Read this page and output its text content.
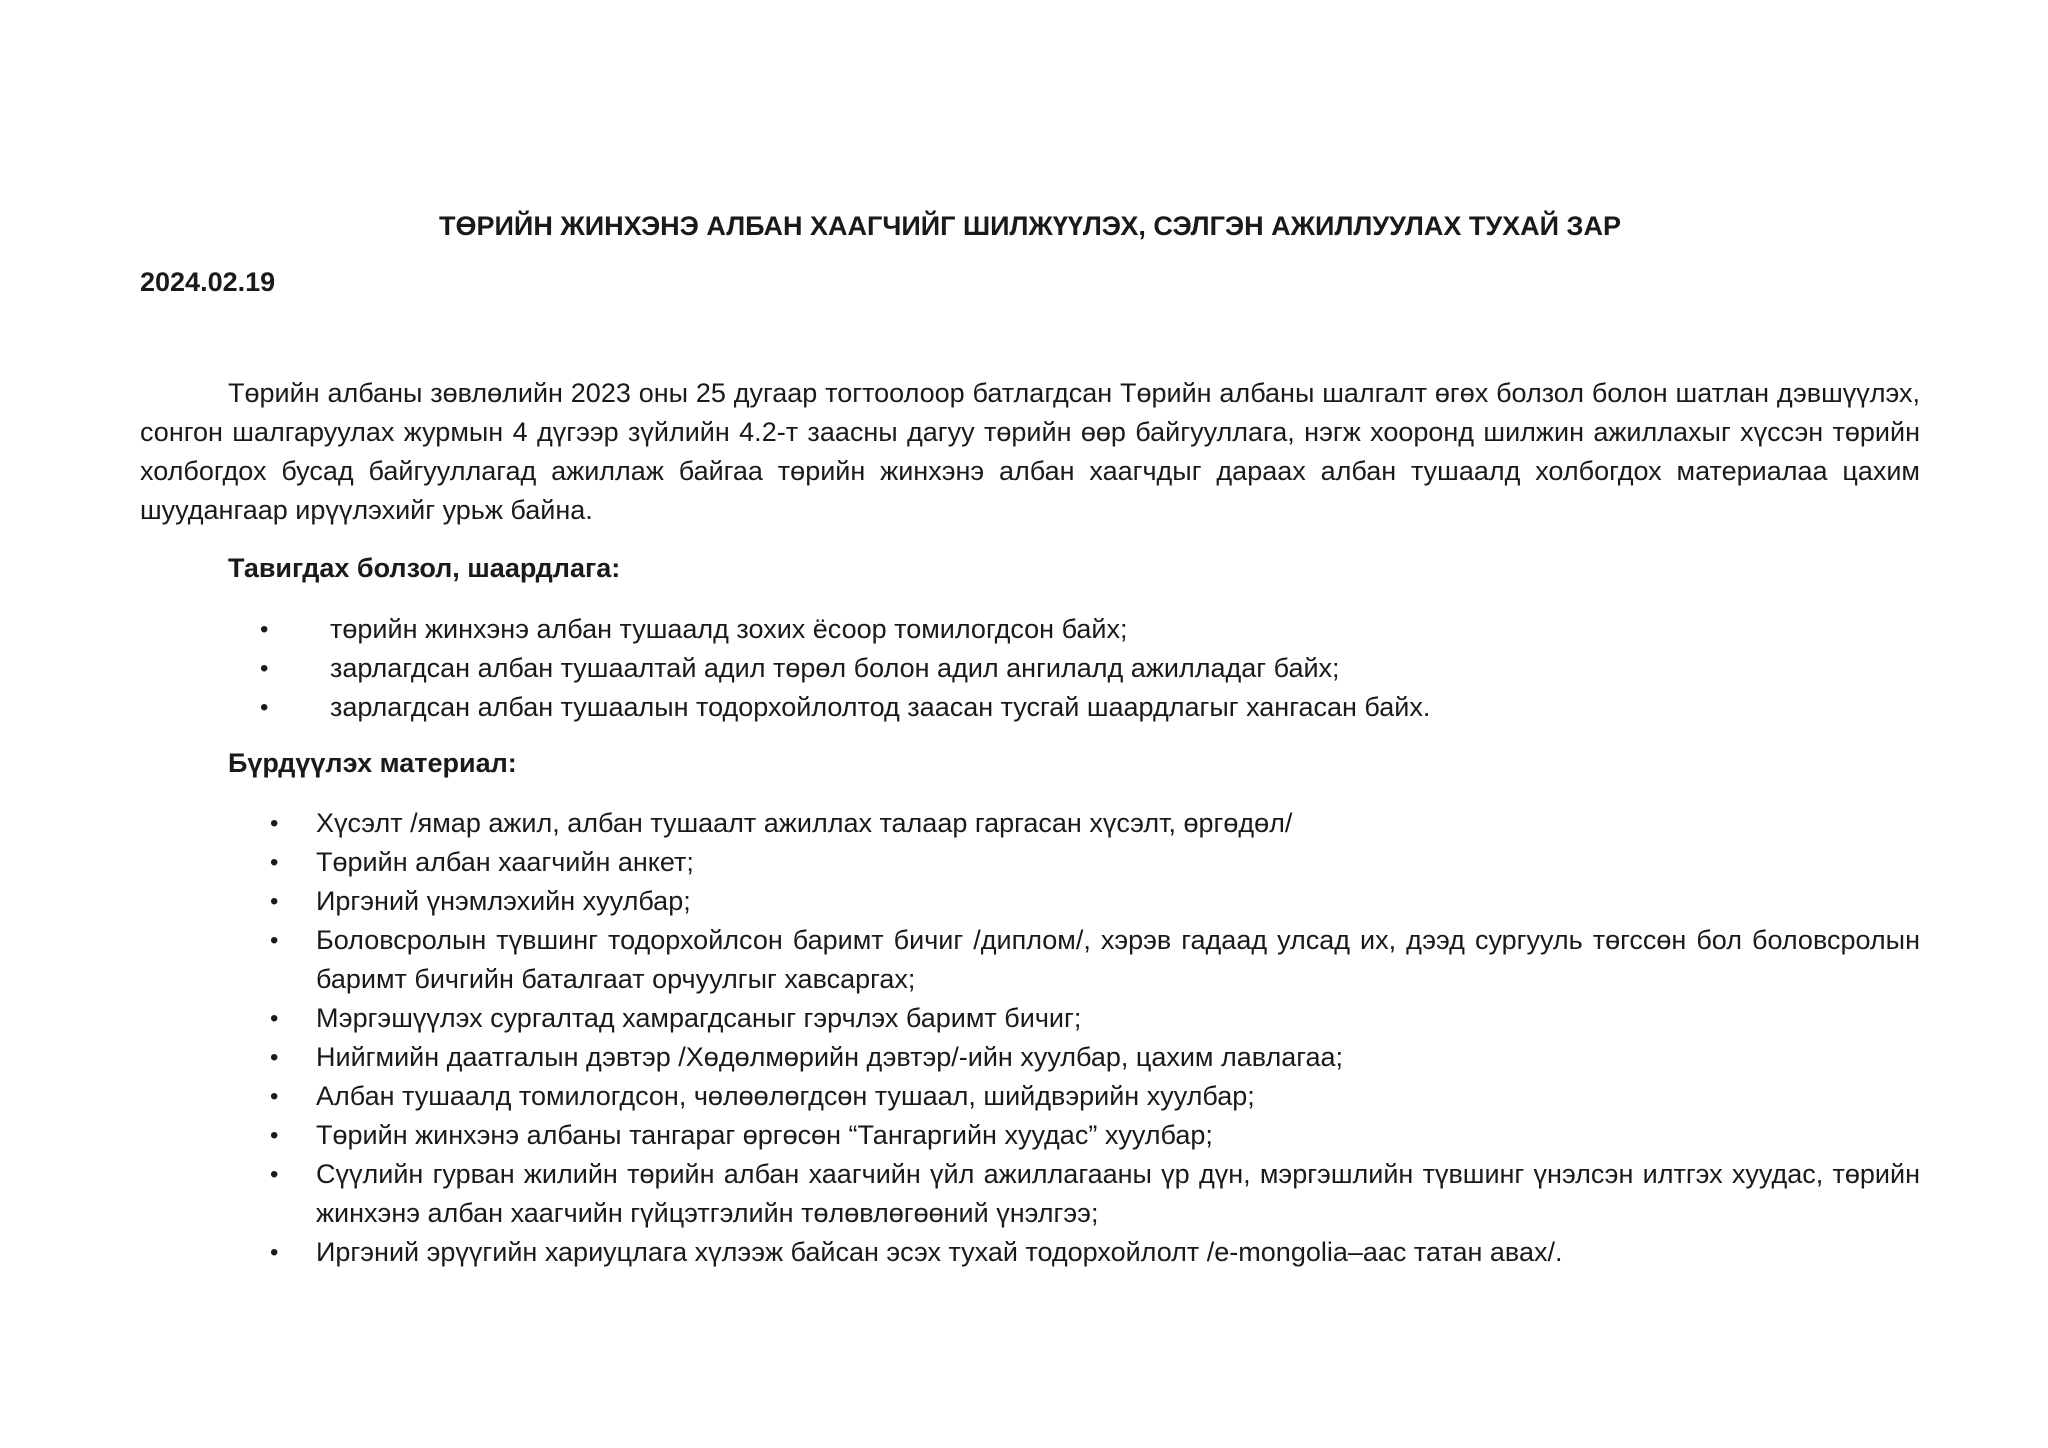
ТӨРИЙН ЖИНХЭНЭ АЛБАН ХААГЧИЙГ ШИЛЖҮҮЛЭХ, СЭЛГЭН АЖИЛЛУУЛАХ ТУХАЙ ЗАР

2024.02.19

Төрийн албаны зөвлөлийн 2023 оны 25 дугаар тогтоолоор батлагдсан Төрийн албаны шалгалт өгөх болзол болон шатлан дэвшүүлэх, сонгон шалгаруулах журмын 4 дүгээр зүйлийн 4.2-т заасны дагуу төрийн өөр байгууллага, нэгж хооронд шилжин ажиллахыг хүссэн төрийн холбогдох бусад байгууллагад ажиллаж байгаа төрийн жинхэнэ албан хаагчдыг дараах албан тушаалд холбогдох материалаа цахим шуудангаар ирүүлэхийг урьж байна.

Тавигдах болзол, шаардлага:

• төрийн жинхэнэ албан тушаалд зохих ёсоор томилогдсон байх;
• зарлагдсан албан тушаалтай адил төрөл болон адил ангилалд ажилладаг байх;
• зарлагдсан албан тушаалын тодорхойлолтод заасан тусгай шаардлагыг хангасан байх.

Бүрдүүлэх материал:

• Хүсэлт /ямар ажил, албан тушаалт ажиллах талаар гаргасан хүсэлт, өргөдөл/
• Төрийн албан хаагчийн анкет;
• Иргэний үнэмлэхийн хуулбар;
• Боловсролын түвшинг тодорхойлсон баримт бичиг /диплом/, хэрэв гадаад улсад их, дээд сургууль төгссөн бол боловсролын баримт бичгийн баталгаат орчуулгыг хавсаргах;
• Мэргэшүүлэх сургалтад хамрагдсаныг гэрчлэх баримт бичиг;
• Нийгмийн даатгалын дэвтэр /Хөдөлмөрийн дэвтэр/-ийн хуулбар, цахим лавлагаа;
• Албан тушаалд томилогдсон, чөлөөлөгдсөн тушаал, шийдвэрийн хуулбар;
• Төрийн жинхэнэ албаны тангараг өргөсөн “Тангаргийн хуудас” хуулбар;
• Сүүлийн гурван жилийн төрийн албан хаагчийн үйл ажиллагааны үр дүн, мэргэшлийн түвшинг үнэлсэн илтгэх хуудас, төрийн жинхэнэ албан хаагчийн гүйцэтгэлийн төлөвлөгөөний үнэлгээ;
• Иргэний эрүүгийн хариуцлага хүлээж байсан эсэх тухай тодорхойлолт /e-mongolia–аас татан авах/.
